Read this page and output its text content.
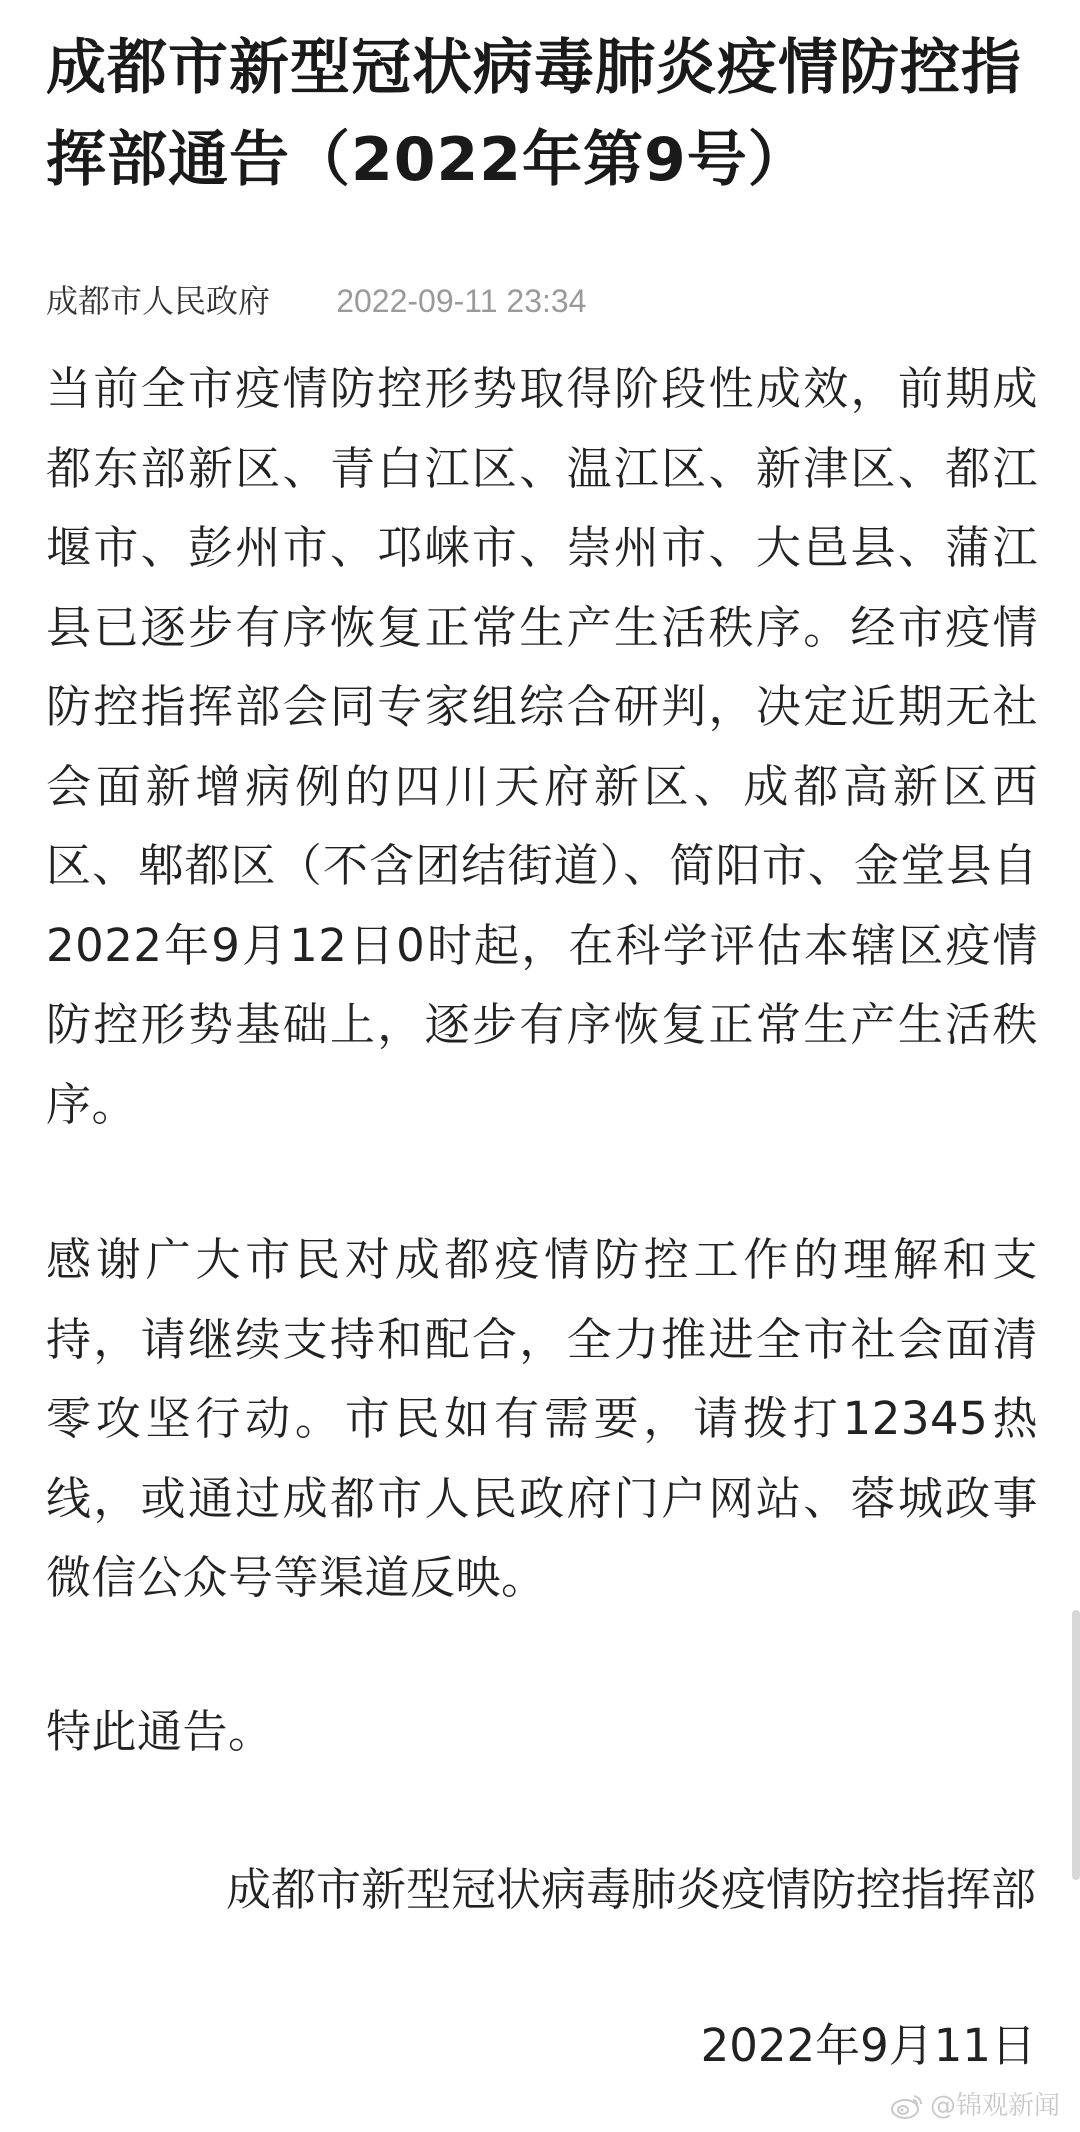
成都市新型冠状病毒肺炎疫情防控指挥部通告（2022年第9号）
成都市人民政府 2022-09-11 23:34

当前全市疫情防控形势取得阶段性成效，前期成都东部新区、青白江区、温江区、新津区、都江堰市、彭州市、邛崃市、崇州市、大邑县、蒲江县已逐步有序恢复正常生产生活秩序。经市疫情防控指挥部会同专家组综合研判，决定近期无社会面新增病例的四川天府新区、成都高新区西区、郫都区（不含团结街道）、简阳市、金堂县自2022年9月12日0时起，在科学评估本辖区疫情防控形势基础上，逐步有序恢复正常生产生活秩序。

感谢广大市民对成都疫情防控工作的理解和支持，请继续支持和配合，全力推进全市社会面清零攻坚行动。市民如有需要，请拨打12345热线，或通过成都市人民政府门户网站、蓉城政事微信公众号等渠道反映。

特此通告。

成都市新型冠状病毒肺炎疫情防控指挥部
2022年9月11日
@锦观新闻
